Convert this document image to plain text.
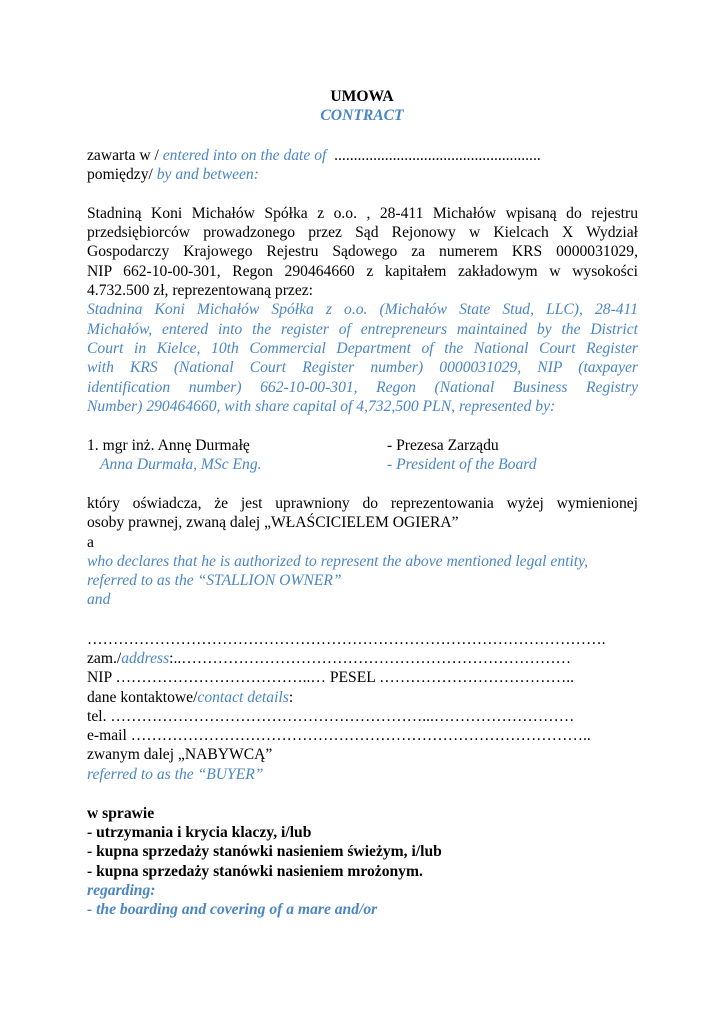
UMOWA
CONTRACT
zawarta w / entered into on the date of .....................................................
pomiędzy/ by and between:
Stadniną Koni Michałów Spółka z o.o. , 28-411 Michałów wpisaną do rejestru
przedsiębiorców prowadzonego przez Sąd Rejonowy w Kielcach X Wydział
Gospodarczy Krajowego Rejestru Sądowego za numerem KRS 0000031029,
NIP 662-10-00-301, Regon 290464660 z kapitałem zakładowym w wysokości
4.732.500 zł, reprezentowaną przez:
Stadnina Koni Michałów Spółka z o.o. (Michałów State Stud, LLC), 28-411
Michałów, entered into the register of entrepreneurs maintained by the District
Court in Kielce, 10th Commercial Department of the National Court Register
with KRS (National Court Register number) 0000031029, NIP (taxpayer
identification number) 662-10-00-301, Regon (National Business Registry
Number) 290464660, with share capital of 4,732,500 PLN, represented by:
1. mgr inż. Annę Durmałę	- Prezesa Zarządu
Anna Durmała, MSc Eng.	- President of the Board
który oświadcza, że jest uprawniony do reprezentowania wyżej wymienionej
osoby prawnej, zwaną dalej „WŁAŚCICIELEM OGIERA”
a
who declares that he is authorized to represent the above mentioned legal entity,
referred to as the “STALLION OWNER”
and
……………………………………………………………………………………….
zam./address:..…………………………………………………………………
NIP ………………………………..… PESEL ………………………………..
dane kontaktowe/contact details:
tel. ……………………………………………………...………………………
e-mail ……………………………………………………………………………..
zwanym dalej „NABYWCĄ”
referred to as the “BUYER”
w sprawie
- utrzymania i krycia klaczy, i/lub
- kupna sprzedaży stanówki nasieniem świeżym, i/lub
- kupna sprzedaży stanówki nasieniem mrożonym.
regarding:
- the boarding and covering of a mare and/or
